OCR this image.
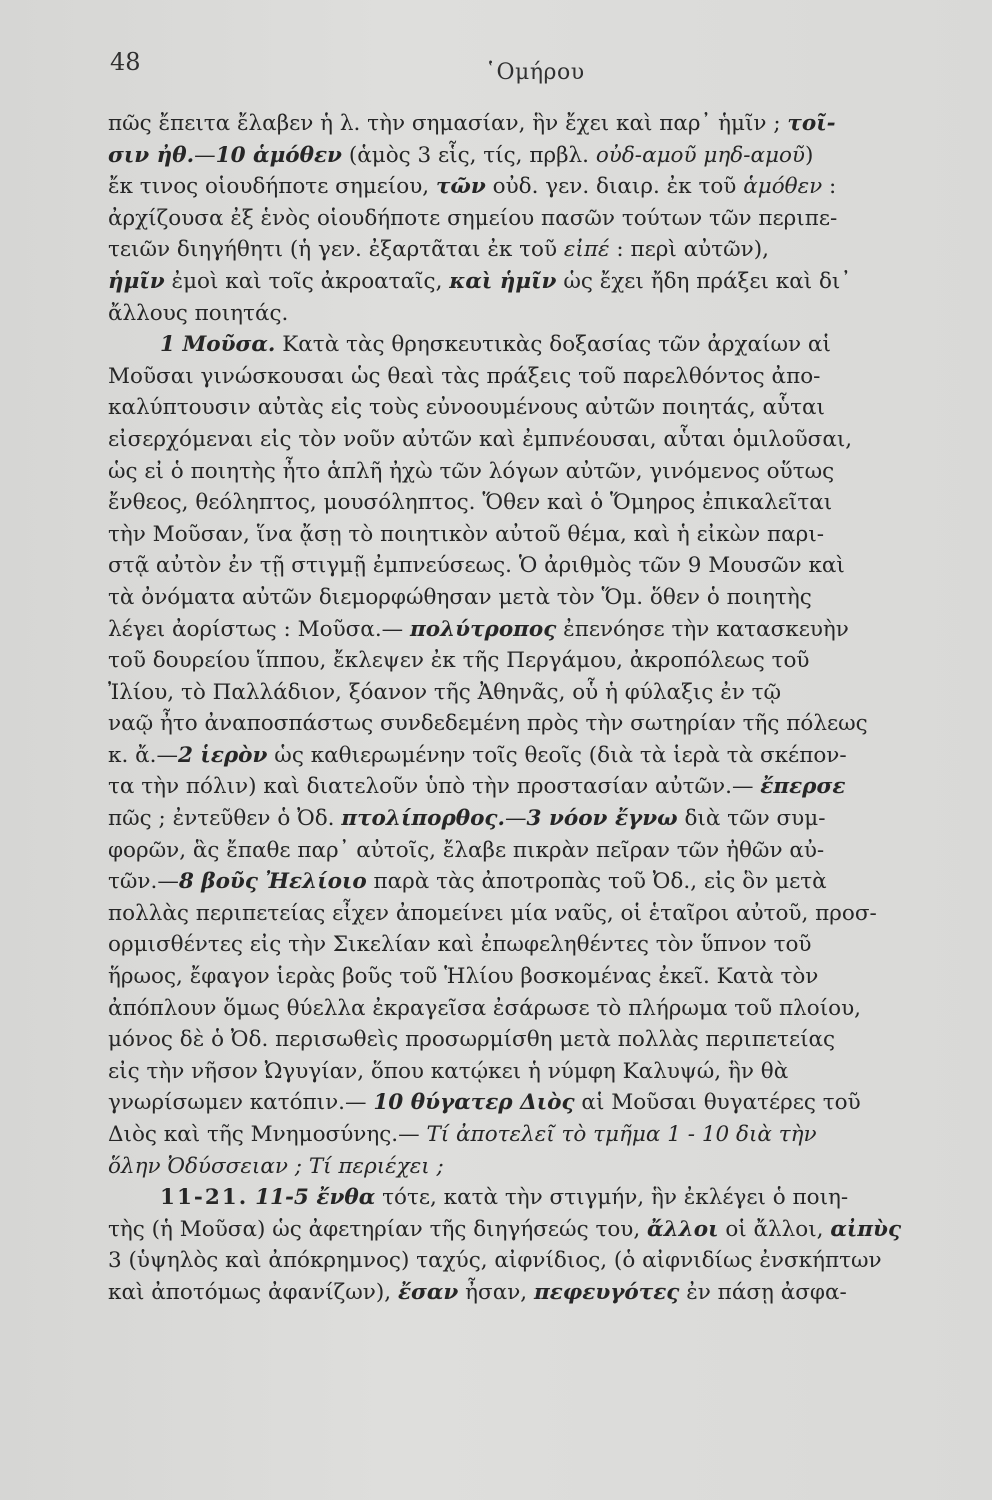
48	῾Ομήρου
πῶς ἔπειτα ἔλαβεν ἡ λ. τὴν σημασίαν, ἣν ἔχει καὶ παρ᾽ ἡμῖν ; τοῖ-
σιν ἠθ.—10 ἁμόθεν (ἁμὸς 3 εἷς, τίς, πρβλ. οὐδ-αμοῦ μηδ-αμοῦ)
ἔκ τινος οἱουδήποτε σημείου, τῶν οὐδ. γεν. διαιρ. ἐκ τοῦ ἁμόθεν :
ἀρχίζουσα ἐξ ἑνὸς οἱουδήποτε σημείου πασῶν τούτων τῶν περιπε-
τειῶν διηγήθητι (ἡ γεν. ἐξαρτᾶται ἐκ τοῦ εἰπέ : περὶ αὐτῶν),
ἡμῖν ἐμοὶ καὶ τοῖς ἀκροαταῖς, καὶ ἡμῖν ὡς ἔχει ἤδη πράξει καὶ δι᾽
ἄλλους ποιητάς.
1 Μοῦσα. Κατὰ τὰς θρησκευτικὰς δοξασίας τῶν ἀρχαίων αἱ
Μοῦσαι γινώσκουσαι ὡς θεαὶ τὰς πράξεις τοῦ παρελθόντος ἀπο-
καλύπτουσιν αὐτὰς εἰς τοὺς εὐνοουμένους αὐτῶν ποιητάς, αὗται
εἰσερχόμεναι εἰς τὸν νοῦν αὐτῶν καὶ ἐμπνέουσαι, αὗται ὁμιλοῦσαι,
ὡς εἰ ὁ ποιητὴς ἦτο ἁπλῆ ἠχὼ τῶν λόγων αὐτῶν, γινόμενος οὕτως
ἔνθεος, θεόληπτος, μουσόληπτος. Ὅθεν καὶ ὁ Ὅμηρος ἐπικαλεῖται
τὴν Μοῦσαν, ἵνα ᾄσῃ τὸ ποιητικὸν αὐτοῦ θέμα, καὶ ἡ εἰκὼν παρι-
στᾷ αὐτὸν ἐν τῇ στιγμῇ ἐμπνεύσεως. Ὁ ἀριθμὸς τῶν 9 Μουσῶν καὶ
τὰ ὀνόματα αὐτῶν διεμορφώθησαν μετὰ τὸν Ὅμ. ὅθεν ὁ ποιητὴς
λέγει ἀορίστως : Μοῦσα.— πολύτροπος ἐπενόησε τὴν κατασκευὴν
τοῦ δουρείου ἵππου, ἔκλεψεν ἐκ τῆς Περγάμου, ἀκροπόλεως τοῦ
Ἰλίου, τὸ Παλλάδιον, ξόανον τῆς Ἀθηνᾶς, οὗ ἡ φύλαξις ἐν τῷ
ναῷ ἦτο ἀναποσπάστως συνδεδεμένη πρὸς τὴν σωτηρίαν τῆς πόλεως
κ. ἄ.—2 ἱερὸν ὡς καθιερωμένην τοῖς θεοῖς (διὰ τὰ ἱερὰ τὰ σκέπον-
τα τὴν πόλιν) καὶ διατελοῦν ὑπὸ τὴν προστασίαν αὐτῶν.— ἔπερσε
πῶς ; ἐντεῦθεν ὁ Ὀδ. πτολίπορθος.—3 νόον ἔγνω διὰ τῶν συμ-
φορῶν, ἃς ἔπαθε παρ᾽ αὐτοῖς, ἔλαβε πικρὰν πεῖραν τῶν ἠθῶν αὐ-
τῶν.—8 βοῦς Ἠελίοιο παρὰ τὰς ἀποτροπὰς τοῦ Ὀδ., εἰς ὃν μετὰ
πολλὰς περιπετείας εἶχεν ἀπομείνει μία ναῦς, οἱ ἑταῖροι αὐτοῦ, προσ-
ορμισθέντες εἰς τὴν Σικελίαν καὶ ἐπωφεληθέντες τὸν ὕπνον τοῦ
ἥρωος, ἔφαγον ἱερὰς βοῦς τοῦ Ἡλίου βοσκομένας ἐκεῖ. Κατὰ τὸν
ἀπόπλουν ὅμως θύελλα ἐκραγεῖσα ἐσάρωσε τὸ πλήρωμα τοῦ πλοίου,
μόνος δὲ ὁ Ὀδ. περισωθεὶς προσωρμίσθη μετὰ πολλὰς περιπετείας
εἰς τὴν νῆσον Ὠγυγίαν, ὅπου κατῴκει ἡ νύμφη Καλυψώ, ἣν θὰ
γνωρίσωμεν κατόπιν.— 10 θύγατερ Διὸς αἱ Μοῦσαι θυγατέρες τοῦ
Διὸς καὶ τῆς Μνημοσύνης.— Τί ἀποτελεῖ τὸ τμῆμα 1 - 10 διὰ τὴν
ὅλην Ὀδύσσειαν ; Τί περιέχει ;
11-21. 11-5 ἔνθα τότε, κατὰ τὴν στιγμήν, ἣν ἐκλέγει ὁ ποιη-
τὴς (ἡ Μοῦσα) ὡς ἀφετηρίαν τῆς διηγήσεώς του, ἄλλοι οἱ ἄλλοι, αἰπὺς
3 (ὑψηλὸς καὶ ἀπόκρημνος) ταχύς, αἰφνίδιος, (ὁ αἰφνιδίως ἐνσκήπτων
καὶ ἀποτόμως ἀφανίζων), ἔσαν ἦσαν, πεφευγότες ἐν πάσῃ ἀσφα-
